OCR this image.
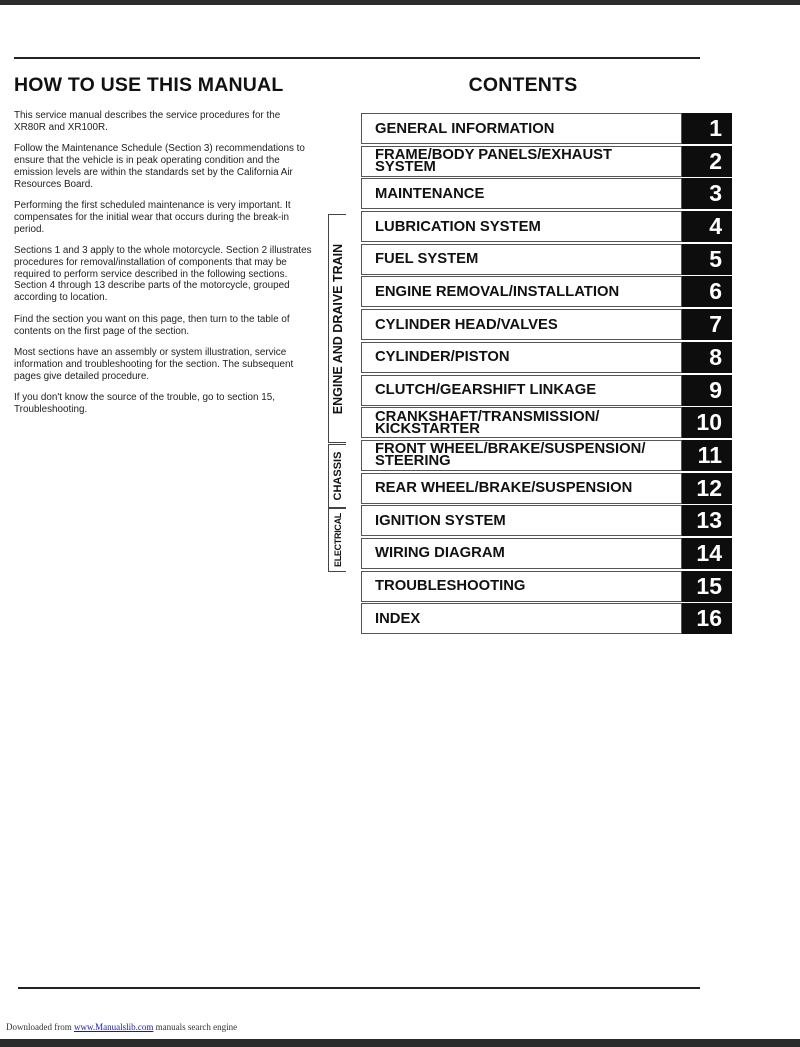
HOW TO USE THIS MANUAL

This service manual describes the service procedures for the XR80R and XR100R.

Follow the Maintenance Schedule (Section 3) recommendations to ensure that the vehicle is in peak operating condition and the emission levels are within the standards set by the California Air Resources Board.

Performing the first scheduled maintenance is very important. It compensates for the initial wear that occurs during the break-in period.

Sections 1 and 3 apply to the whole motorcycle. Section 2 illustrates procedures for removal/installation of components that may be required to perform service described in the following sections. Section 4 through 13 describe parts of the motorcycle, grouped according to location.

Find the section you want on this page, then turn to the table of contents on the first page of the section.

Most sections have an assembly or system illustration, service information and troubleshooting for the section. The subsequent pages give detailed procedure.

If you don't know the source of the trouble, go to section 15, Troubleshooting.

CONTENTS
ENGINE AND DRAIVE TRAIN
CHASSIS
ELECTRICAL
GENERAL INFORMATION	1
FRAME/BODY PANELS/EXHAUST SYSTEM	2
MAINTENANCE	3
LUBRICATION SYSTEM	4
FUEL SYSTEM	5
ENGINE REMOVAL/INSTALLATION	6
CYLINDER HEAD/VALVES	7
CYLINDER/PISTON	8
CLUTCH/GEARSHIFT LINKAGE	9
CRANKSHAFT/TRANSMISSION/ KICKSTARTER	10
FRONT WHEEL/BRAKE/SUSPENSION/ STEERING	11
REAR WHEEL/BRAKE/SUSPENSION	12
IGNITION SYSTEM	13
WIRING DIAGRAM	14
TROUBLESHOOTING	15
INDEX	16
Downloaded from www.Manualslib.com manuals search engine
